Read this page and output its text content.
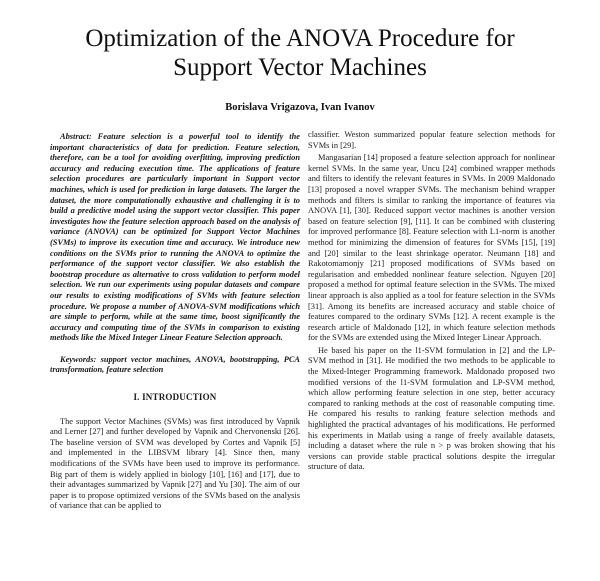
Optimization of the ANOVA Procedure for
Support Vector Machines
Borislava Vrigazova, Ivan Ivanov

Abstract: Feature selection is a powerful tool to identify the important characteristics of data for prediction. Feature selection, therefore, can be a tool for avoiding overfitting, improving prediction accuracy and reducing execution time. The applications of feature selection procedures are particularly important in Support vector machines, which is used for prediction in large datasets. The larger the dataset, the more computationally exhaustive and challenging it is to build a predictive model using the support vector classifier. This paper investigates how the feature selection approach based on the analysis of variance (ANOVA) can be optimized for Support Vector Machines (SVMs) to improve its execution time and accuracy. We introduce new conditions on the SVMs prior to running the ANOVA to optimize the performance of the support vector classifier. We also establish the bootstrap procedure as alternative to cross validation to perform model selection. We run our experiments using popular datasets and compare our results to existing modifications of SVMs with feature selection procedure. We propose a number of ANOVA-SVM modifications which are simple to perform, while at the same time, boost significantly the accuracy and computing time of the SVMs in comparison to existing methods like the Mixed Integer Linear Feature Selection approach.

Keywords: support vector machines, ANOVA, bootstrapping, PCA transformation, feature selection

I. INTRODUCTION

The support Vector Machines (SVMs) was first introduced by Vapnik and Lerner [27] and further developed by Vapnik and Chervonenski [26]. The baseline version of SVM was developed by Cortes and Vapnik [5] and implemented in the LIBSVM library [4]. Since then, many modifications of the SVMs have been used to improve its performance. Big part of them is widely applied in biology [10], [16] and [17], due to their advantages summarized by Vapnik [27] and Yu [30]. The aim of our paper is to propose optimized versions of the SVMs based on the analysis of variance that can be applied to

classifier. Weston summarized popular feature selection methods for SVMs in [29].

Mangasarian [14] proposed a feature selection approach for nonlinear kernel SVMs. In the same year, Uncu [24] combined wrapper methods and filters to identify the relevant features in SVMs. In 2009 Maldonado [13] proposed a novel wrapper SVMs. The mechanism behind wrapper methods and filters is similar to ranking the importance of features via ANOVA [1], [30]. Reduced support vector machines is another version based on feature selection [9], [11]. It can be combined with clustering for improved performance [8]. Feature selection with L1-norm is another method for minimizing the dimension of features for SVMs [15], [19] and [20] similar to the least shrinkage operator. Neumann [18] and Rakotomamonjy [21] proposed modifications of SVMs based on regularisation and embedded nonlinear feature selection. Nguyen [20] proposed a method for optimal feature selection in the SVMs. The mixed linear approach is also applied as a tool for feature selection in the SVMs [31]. Among its benefits are increased accuracy and stable choice of features compared to the ordinary SVMs [12]. A recent example is the research article of Maldonado [12], in which feature selection methods for the SVMs are extended using the Mixed Integer Linear Approach.

He based his paper on the l1-SVM formulation in [2] and the LP-SVM method in [31]. He modified the two methods to be applicable to the Mixed-Integer Programming framework. Maldonado proposed two modified versions of the l1-SVM formulation and LP-SVM method, which allow performing feature selection in one step, better accuracy compared to ranking methods at the cost of reasonable computing time. He compared his results to ranking feature selection methods and highlighted the practical advantages of his modifications. He performed his experiments in Matlab using a range of freely available datasets, including a dataset where the rule n > p was broken showing that his versions can provide stable practical solutions despite the irregular structure of data.
